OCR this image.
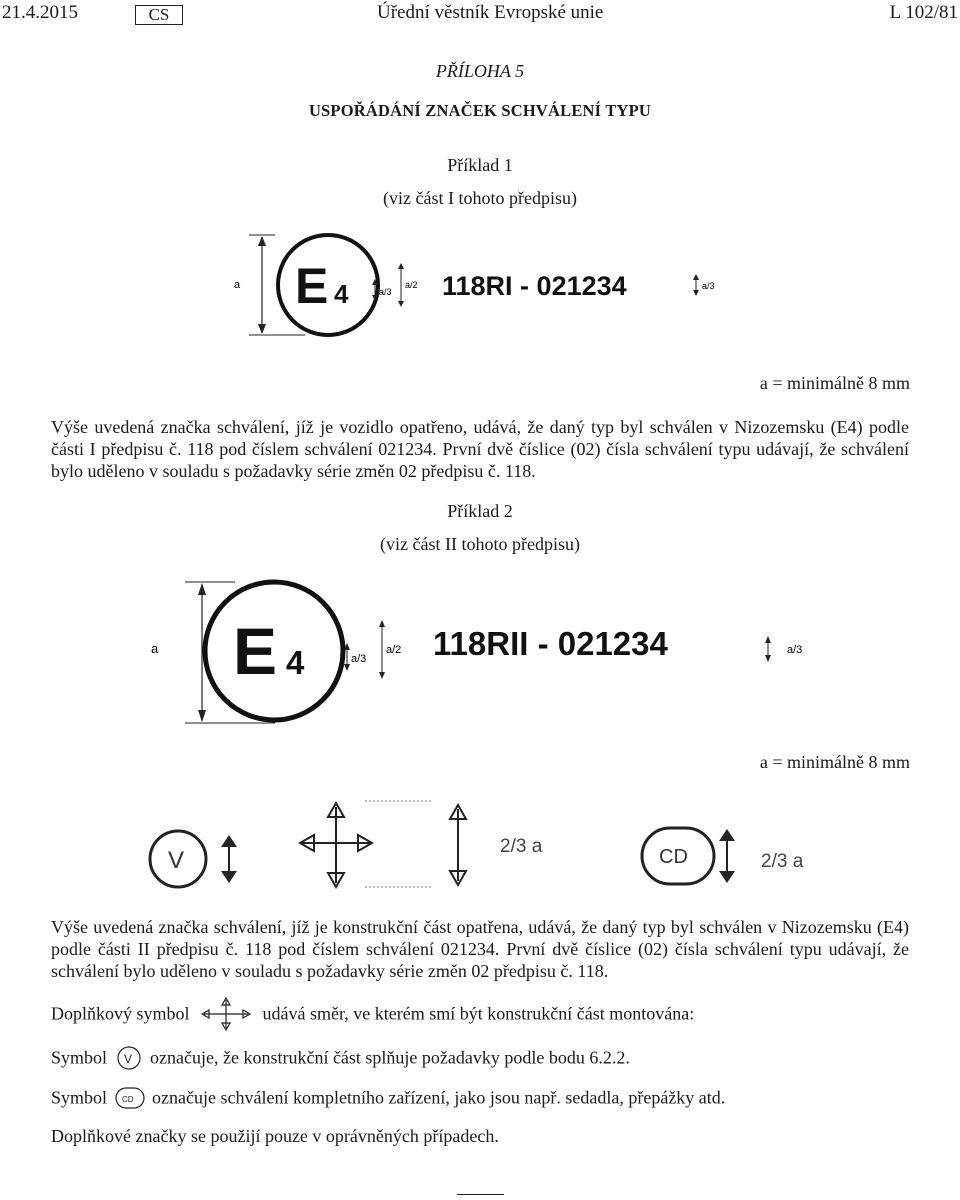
21.4.2015	CS	Úřední věstník Evropské unie	L 102/81
PŘÍLOHA 5
USPOŘÁDÁNÍ ZNAČEK SCHVÁLENÍ TYPU
Příklad 1
(viz část I tohoto předpisu)
a E 4	a/3
a/2 118RI - 021234	a/3
a = minimálně 8 mm
Výše uvedená značka schválení, jíž je vozidlo opatřeno, udává, že daný typ byl schválen v Nizozemsku (E4) podle části I předpisu č. 118 pod číslem schválení 021234. První dvě číslice (02) čísla schválení typu udávají, že schválení bylo uděleno v souladu s požadavky série změn 02 předpisu č. 118.
Příklad 2
(viz část II tohoto předpisu)
a E 4	a/3
a/2 118RII - 021234	a/3
a = minimálně 8 mm
V
2/3 a	CD	2/3 a
Výše uvedená značka schválení, jíž je konstrukční část opatřena, udává, že daný typ byl schválen v Nizozemsku (E4) podle části II předpisu č. 118 pod číslem schválení 021234. První dvě číslice (02) čísla schválení typu udávají, že schválení bylo uděleno v souladu s požadavky série změn 02 předpisu č. 118.
Doplňkový symbol	udává směr, ve kterém smí být konstrukční část montována:
Symbol V označuje, že konstrukční část splňuje požadavky podle bodu 6.2.2.
Symbol CD označuje schválení kompletního zařízení, jako jsou např. sedadla, přepážky atd.
Doplňkové značky se použijí pouze v oprávněných případech.
